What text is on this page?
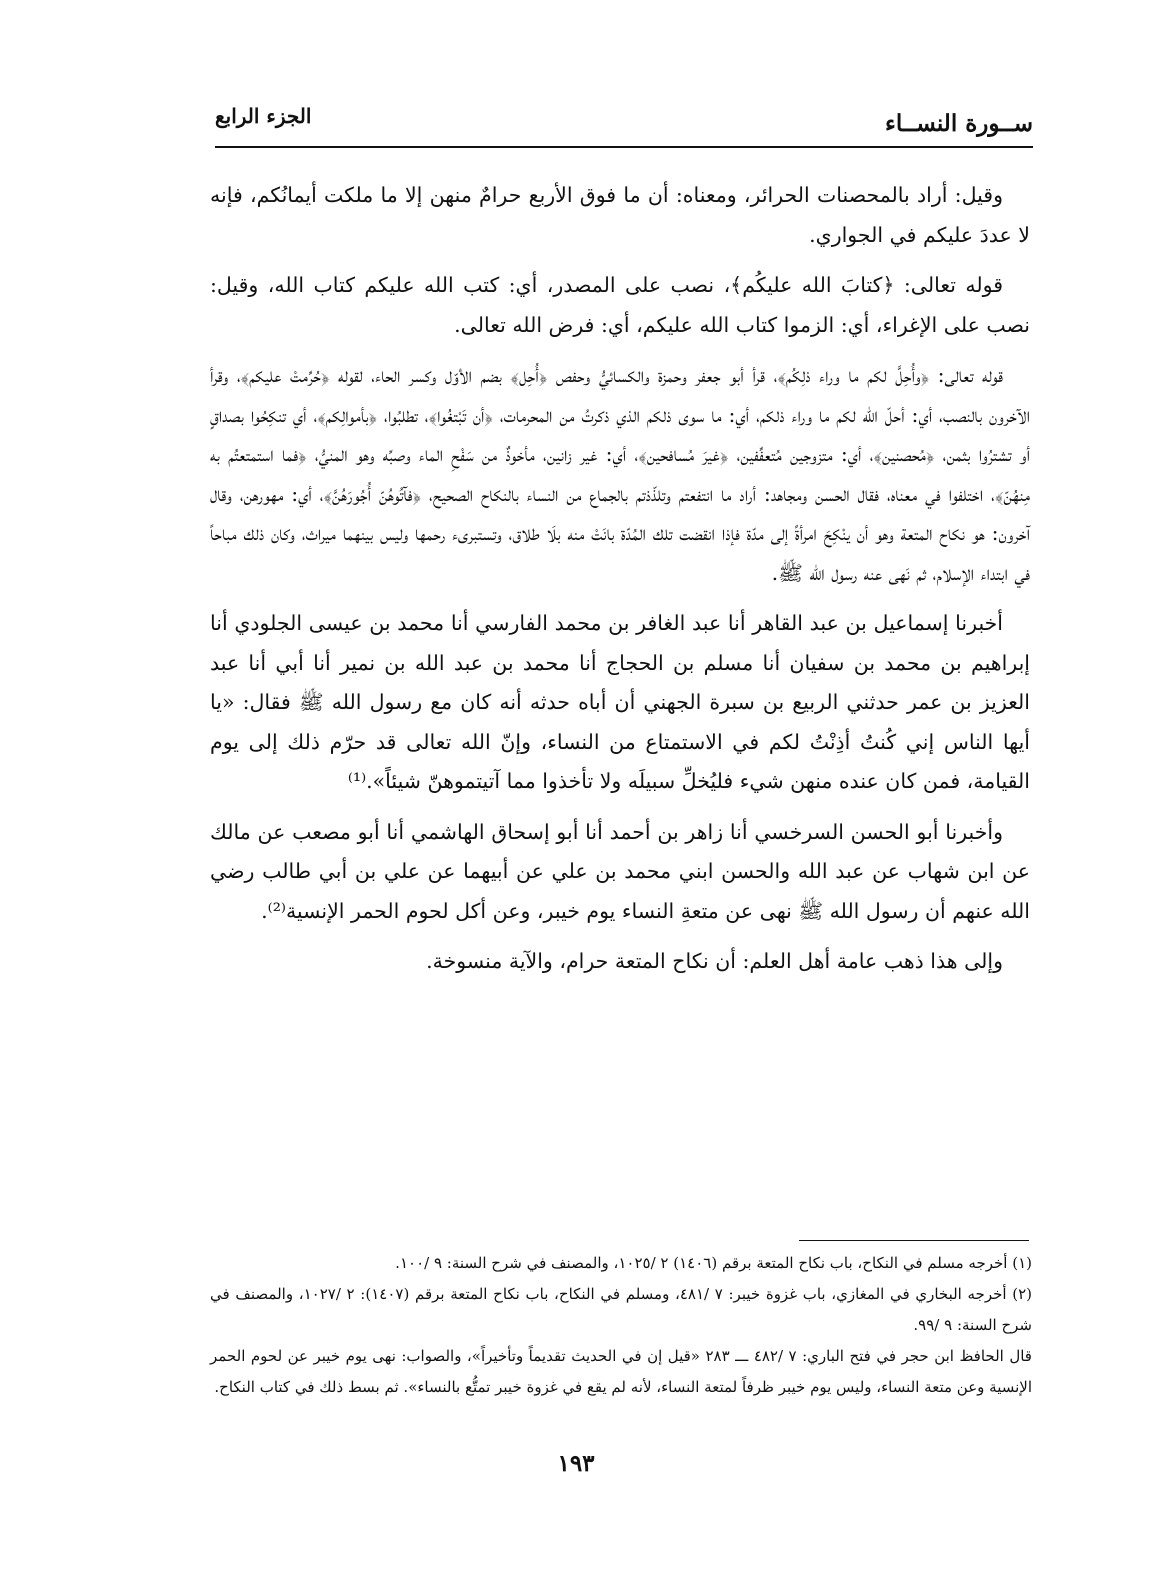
ســورة النســاء
الجزء الرابع

وقيل: أراد بالمحصنات الحرائر، ومعناه: أن ما فوق الأربع حرامٌ منهن إلا ما ملكت أيمانُكم، فإنه لا عددَ عليكم في الجواري.

قوله تعالى: ﴿كتابَ الله عليكُم﴾، نصب على المصدر، أي: كتب الله عليكم كتاب الله، وقيل: نصب على الإغراء، أي: الزموا كتاب الله عليكم، أي: فرض الله تعالى.

قوله تعالى: ﴿وأُحِلَّ لكم ما وراء ذلِكُم﴾، قرأ أبو جعفر وحمزة والكسائيُّ وحفص ﴿أُحِل﴾ بضم الأوّل وكسر الحاء، لقوله ﴿حُرِّمتْ عليكم﴾، وقرأ الآخرون بالنصب، أي: أحلّ الله لكم ما وراء ذلكم، أي: ما سوى ذلكم الذي ذكرتُ من المحرمات، ﴿أن تَبْتغُوا﴾، تطلبُوا، ﴿بأموالِكم﴾، أي تنكِحُوا بصداقٍ أو تشترُوا بثمن، ﴿مُحصنين﴾، أي: متزوجين مُتعفِّفين، ﴿غيرَ مُسافحين﴾، أي: غير زانين، مأخوذٌ من سَفْحِ الماء وصبِّه وهو المنيُّ، ﴿فما استمتعتُم به مِنهُنّ﴾، اختلفوا في معناه، فقال الحسن ومجاهد: أراد ما انتفعتم وتلذّذتم بالجماع من النساء بالنكاح الصحيح، ﴿فآتُوهُنّ أُجُورَهُنَّ﴾، أي: مهورهن، وقال آخرون: هو نكاح المتعة وهو أن ينْكِحَ امرأةً إلى مدّة فإذا انقضت تلك المُدّة بانَتْ منه بلَا طلاق، وتستبرىء رحمها وليس بينهما ميراث، وكان ذلك مباحاً في ابتداء الإسلام، ثم نَهى عنه رسول الله ﷺ.

أخبرنا إسماعيل بن عبد القاهر أنا عبد الغافر بن محمد الفارسي أنا محمد بن عيسى الجلودي أنا إبراهيم بن محمد بن سفيان أنا مسلم بن الحجاج أنا محمد بن عبد الله بن نمير أنا أبي أنا عبد العزيز بن عمر حدثني الربيع بن سبرة الجهني أن أباه حدثه أنه كان مع رسول الله ﷺ فقال: «يا أيها الناس إني كُنتُ أذِنْتُ لكم في الاستمتاع من النساء، وإنّ الله تعالى قد حرّم ذلك إلى يوم القيامة، فمن كان عنده منهن شيء فليُخلِّ سبيلَه ولا تأخذوا مما آتيتموهنّ شيئاً».⁽¹⁾

وأخبرنا أبو الحسن السرخسي أنا زاهر بن أحمد أنا أبو إسحاق الهاشمي أنا أبو مصعب عن مالك عن ابن شهاب عن عبد الله والحسن ابني محمد بن علي عن أبيهما عن علي بن أبي طالب رضي الله عنهم أن رسول الله ﷺ نهى عن متعةِ النساء يوم خيبر، وعن أكل لحوم الحمر الإنسية⁽²⁾.

وإلى هذا ذهب عامة أهل العلم: أن نكاح المتعة حرام، والآية منسوخة.

(١) أخرجه مسلم في النكاح، باب نكاح المتعة برقم (١٤٠٦) ٢ /١٠٢٥، والمصنف في شرح السنة: ٩ /١٠٠.

(٢) أخرجه البخاري في المغازي، باب غزوة خيبر: ٧ /٤٨١، ومسلم في النكاح، باب نكاح المتعة برقم (١٤٠٧): ٢ /١٠٢٧، والمصنف في شرح السنة: ٩ /٩٩.

قال الحافظ ابن حجر في فتح الباري: ٧ /٤٨٢ ـــ ٢٨٣ «قيل إن في الحديث تقديماً وتأخيراً»، والصواب: نهى يوم خيبر عن لحوم الحمر الإنسية وعن متعة النساء، وليس يوم خيبر ظرفاً لمتعة النساء، لأنه لم يقع في غزوة خيبر تمتُّع بالنساء». ثم بسط ذلك في كتاب النكاح.

١٩٣
